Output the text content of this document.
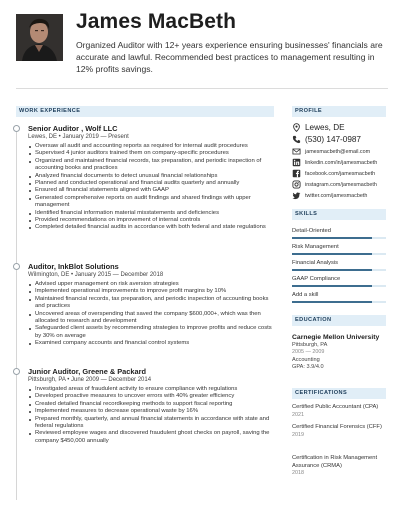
James MacBeth
Organized Auditor with 12+ years experience ensuring businesses' financials are accurate and lawful. Recommended best practices to management resulting in 12% profits savings.
WORK EXPERIENCE
Senior Auditor , Wolf LLC
Lewes, DE • January 2019 — Present
Oversaw all audit and accounting reports as required for internal audit procedures
Supervised 4 junior auditors trained them on company-specific procedures
Organized and maintained financial records, tax preparation, and periodic inspection of accounting books and practices
Analyzed financial documents to detect unusual financial relationships
Planned and conducted operational and financial audits quarterly and annually
Ensured all financial statements aligned with GAAP
Generated comprehensive reports on audit findings and shared findings with upper management
Identified financial information material misstatements and deficiencies
Provided recommendations on improvement of internal controls
Completed detailed financial audits in accordance with both federal and state regulations
Auditor, InkBlot Solutions
Wilmington, DE • January 2015 — December 2018
Advised upper management on risk aversion strategies
Implemented operational improvements to improve profit margins by 10%
Maintained financial records, tax preparation, and periodic inspection of accounting books and practices
Uncovered areas of overspending that saved the company $600,000+, which was then allocated to research and development
Safeguarded client assets by recommending strategies to improve profits and reduce costs by 30% on average
Examined company accounts and financial control systems
Junior Auditor, Greene & Packard
Pittsburgh, PA • June 2009 — December 2014
Investigated areas of fraudulent activity to ensure compliance with regulations
Developed proactive measures to uncover errors with 40% greater efficiency
Created detailed financial recordkeeping methods to support fiscal reporting
Implemented measures to decrease operational waste by 16%
Prepared monthly, quarterly, and annual financial statements in accordance with state and federal regulations
Reviewed employee wages and discovered fraudulent ghost checks on payroll, saving the company $450,000 annually
PROFILE
Lewes, DE
(530) 147-0987
jamesmacbeth@email.com
linkedin.com/in/jamesmacbeth
facebook.com/jamesmacbeth
instagram.com/jamesmacbeth
twitter.com/jamesmacbeth
SKILLS
Detail-Oriented
Risk Management
Financial Analysis
GAAP Compliance
Add a skill
EDUCATION
Carnegie Mellon University
Pittsburgh, PA
2005 — 2009
Accounting
GPA: 3.9/4.0
CERTIFICATIONS
Certified Public Accountant (CPA)
2021
Certified Financial Forensics (CFF)
2019
Certification in Risk Management Assurance (CRMA)
2018
